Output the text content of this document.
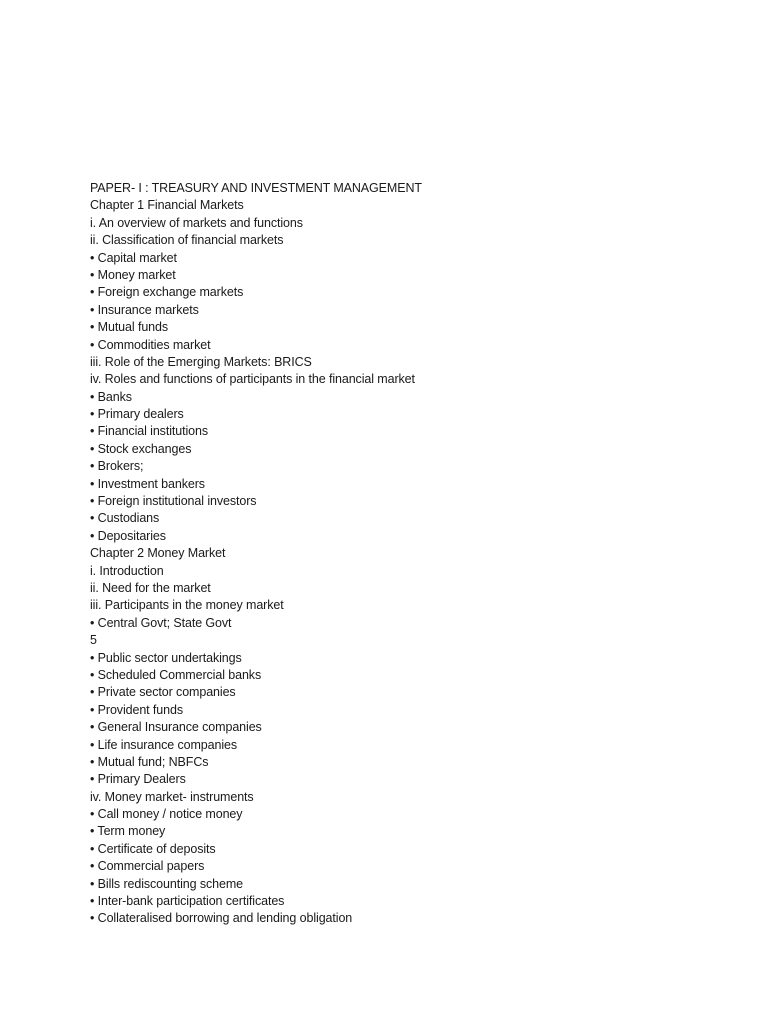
PAPER- I : TREASURY AND INVESTMENT MANAGEMENT
Chapter 1 Financial Markets
i. An overview of markets and functions
ii. Classification of financial markets
• Capital market
• Money market
• Foreign exchange markets
• Insurance markets
• Mutual funds
• Commodities market
iii. Role of the Emerging Markets: BRICS
iv. Roles and functions of participants in the financial market
• Banks
• Primary dealers
• Financial institutions
• Stock exchanges
• Brokers;
• Investment bankers
• Foreign institutional investors
• Custodians
• Depositaries
Chapter 2 Money Market
i. Introduction
ii. Need for the market
iii. Participants in the money market
• Central Govt; State Govt
5
• Public sector undertakings
• Scheduled Commercial banks
• Private sector companies
• Provident funds
• General Insurance companies
• Life insurance companies
• Mutual fund; NBFCs
• Primary Dealers
iv. Money market- instruments
• Call money / notice money
• Term money
• Certificate of deposits
• Commercial papers
• Bills rediscounting scheme
• Inter-bank participation certificates
• Collateralised borrowing and lending obligation
